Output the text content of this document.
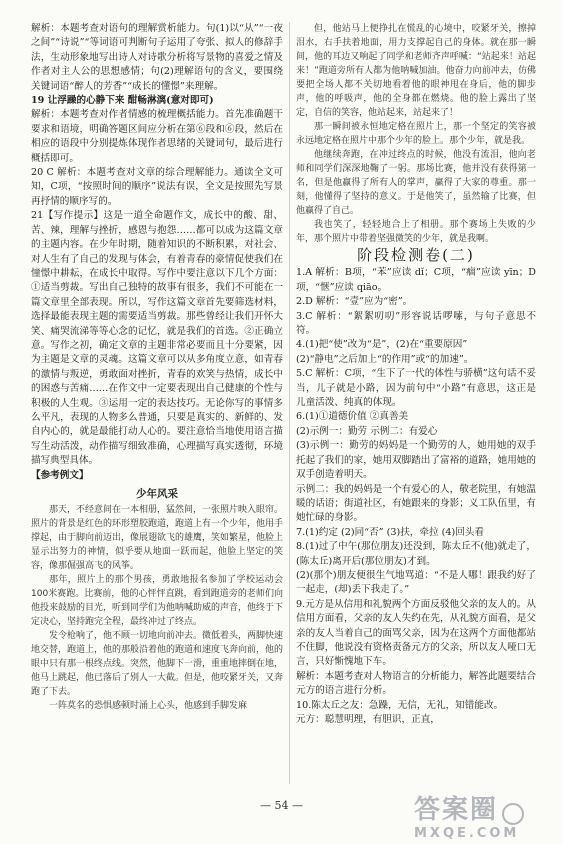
解析：本题考查对语句的理解赏析能力。句(1)以“从”“一夜之间”“诗说”“等词语可判断句子运用了夸张、拟人的修辞手法，生动形象地写出诗人对诗歌分析将写景物的喜爱之情及作者对主人公的思想感情；句(2)理解语句的含义，要围绕关键词语“醉人的芳香”“成长的懂憬”来理解。

19 让浮躁的心静下来 酣畅淋漓(意对即可)

解析：本题考查对作者情感的梳理概括能力。首先准确题干要求和语境，明确答题区间应分析在第⑥段和⑥段，然后在相应的语段中分别提炼体现作者思绪的关键词句，最后进行概括即可。

20 C 解析：本题考查对文章的综合理解能力。通读全文可知，C项，“按照时间的顺序”说法有误，全文是按照先写景再抒情的顺序写的。

21【写作提示】这是一道全命题作文，成长中的酸、甜、苦、辣，理解与挫折，感恩与抱怨……都可以成为这篇文章的主题内容。在少年时期，随着知识的不断积累，对社会、对人生有了自己的发现与体会，有着青春的豪情促使我们在憧憬中耕耘，在成长中取得。写作中要注意以下几个方面：①适当剪裁。写出自己独特的故事有很多，我们不可能在一篇文章里全部表现。所以，写作这篇文章首先要筛选材料，选择最能表现主题的需要适当剪裁。那些曾经让我们开怀大笑、痛哭流涕等等心念的记忆，就是我们的首选。②正确立意。写作之初，确定文章的主题非常必要而且十分要紧，因为主题是文章的灵魂。这篇文章可以从多角度立意，如青春的激情与叛逆，勇敢面对挫折，青春的欢笑与热情，成长中的困惑与苦痛……在作文中一定要表现出自己健康的个性与积极的人生观。③运用一定的表达技巧。无论你写的事情多么平凡，表现的人物多么普通，只要是真实的、新鲜的、发自内心的，就是最能打动人心的。要注意恰当地使用语言描写生动活泼，动作描写细致准确，心理描写真实透彻，环境描写典型具体。

【参考例文】

少年风采

那天，不经意间在一本相册，猛然间，一张照片映入眼帘。照片的背景是红色的环形塑胶跑道，跑道上有一个少年，他用手撑起，由于脚向前迈出，像展翅欲飞的雄鹰，笑如繁星，他脸上显示出努力的神情，似乎要从地面一跃而起，他脸上坚定的笑容，像那倔强高飞的风筝。

那年，照片上的那个男孩，勇敢地报名参加了学校运动会100米赛跑。比赛前，他的心怦怦直跳，看到跑道旁的老师们向他投来鼓励的目光，听到同学们为他呐喊助威的声音，他终于下定决心，坚持跑完全程，最终冲过了终点。

发令枪响了，他不顾一切地向前冲去。微低着头，两脚快速地交替，跑道上，他的那般沿着他的跑道和速度飞奔向前，他的眼中只有那一根终点线。突然，他脚下一滑，重重地摔倒在地，他马上跳起，他已落后了别人一大截。但是，他咬紧牙关，又奔跑了下去。

一阵莫名的恐惧感顿时涌上心头，他感到手脚发麻

但，他站马上便挣扎在慌乱的心境中，咬紧牙关，擦掉泪水，右手扶着地面，用力支撑起自己的身体。就在那一瞬间，他的耳边又响起了同学和老师齐声呼喊：“站起来！站起来！”跑道旁所有人都为他呐喊加油。他奋力向前冲去，仿佛要把全场人都不关切地看着他的眼神甩在身后，他的脚步声，他的呼吸声，他的全身都在燃烧。他的脸上露出了坚定，自信的笑容，他站起来，站起来了！

那一瞬间被永恒地定格在照片上，那一个坚定的笑容被永远地定格在照片中那个少年的脸上。那个少年，就是我。

他继续奔跑，在冲过终点的时候，他没有流泪，他向老师和同学们深深地鞠了一躬。那场比赛，他并没有获得第一名，但是他赢得了所有人的掌声，赢得了大家的尊重。那一刻，他懂得了坚持的意义。于是他笑了，虽然输了比赛，但他赢得了自己。

我也笑了，轻轻地合上了相册。那个赛场上失败的少年，那个照片中带着坚强微笑的少年，就是我啊。

阶段检测卷(二)

1.A 解析：B项，“苯”应读 dǐ；C项，“痼”应读 yīn；D项，“惬”应读 qiāo。

2.D 解析：“壹”应为“密”。

3.C 解析：“絮絮叨叨”形容说话啰嗦，与句子意思不符。

4.(1)把“使”改为“是”，(2)在“重要原因”

(2)“静电”之后加上“的作用”或“的加速”。

5.C 解析：C项，“生下了一代的体性与骄横”这句话不妥当，儿子就是小路，因为前句中“小路”有意思，这正是儿童活泼、纯真的体现。

6.(1)①道德价值 ②真善美

(2)示例一：勤劳 示例二：有爱心

(3)示例一：勤劳的妈妈是一个勤劳的人，她用她的双手托起了我们的家，她用双脚踏出了富裕的道路，她用她的双手创造着明天。

示例二：我的妈妈是一个有爱心的人，敬老院里，有她温暖的话语；街道社区，有她跟来的身影；义工队伍里，有她忙碌的身影。

7.(1)约定 (2)同“否” (3)扶，牵拉 (4)回头看

8.(1)过了中午(那位朋友)还没到，陈太丘不(他)就走了，(陈太丘)离开后(那位朋友)才到。

(2)(那个)朋友便很生气地骂道：“不是人哪！跟我约好了一起走，(却)丢下我走了。”

9.元方是从信用和礼貌两个方面反驳他父亲的友人的。从信用方面看，父亲的友人失约在先，从礼貌方面看，是父亲的友人当着自己的面骂父亲，因为在这两个方面他都站不住脚，他说没有资格责备元方的父亲，所以友人哑口无言，只好惭愧地下车。

解析：本题考查对人物语言的分析能力，解答此题要结合元方的语言进行分析。

10.陈太丘之友：急躁，无信，无礼，知错能改。

元方：聪慧明理，有胆识，正直，

— 54 —	答案圈
MXQE.COM
